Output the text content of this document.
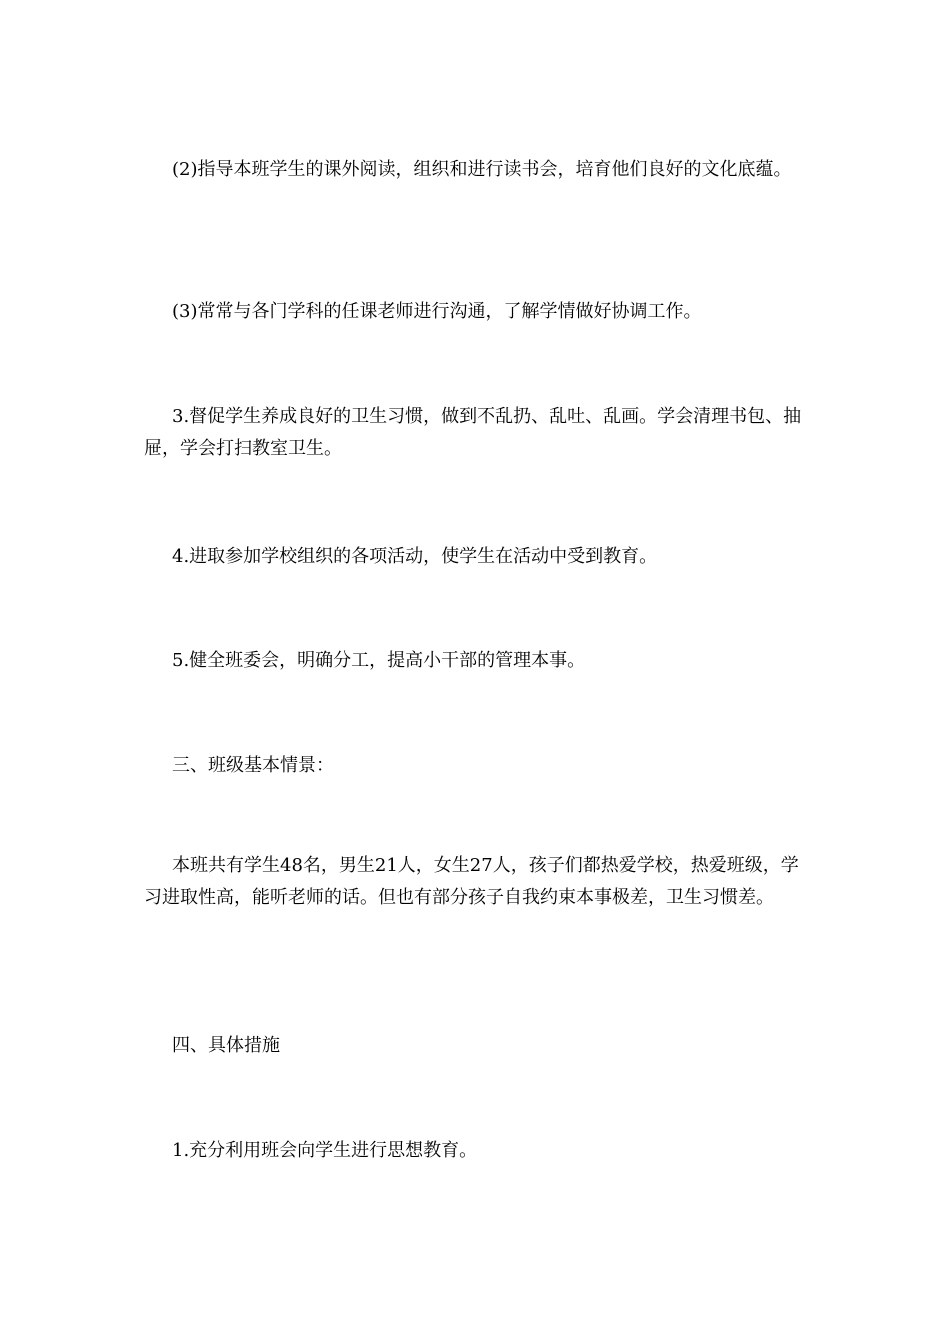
(2)指导本班学生的课外阅读，组织和进行读书会，培育他们良好的文化底蕴。

(3)常常与各门学科的任课老师进行沟通，了解学情做好协调工作。

3.督促学生养成良好的卫生习惯，做到不乱扔、乱吐、乱画。学会清理书包、抽屉，学会打扫教室卫生。

4.进取参加学校组织的各项活动，使学生在活动中受到教育。

5.健全班委会，明确分工，提高小干部的管理本事。

三、班级基本情景：

本班共有学生48名，男生21人，女生27人，孩子们都热爱学校，热爱班级，学习进取性高，能听老师的话。但也有部分孩子自我约束本事极差，卫生习惯差。

四、具体措施

1.充分利用班会向学生进行思想教育。
